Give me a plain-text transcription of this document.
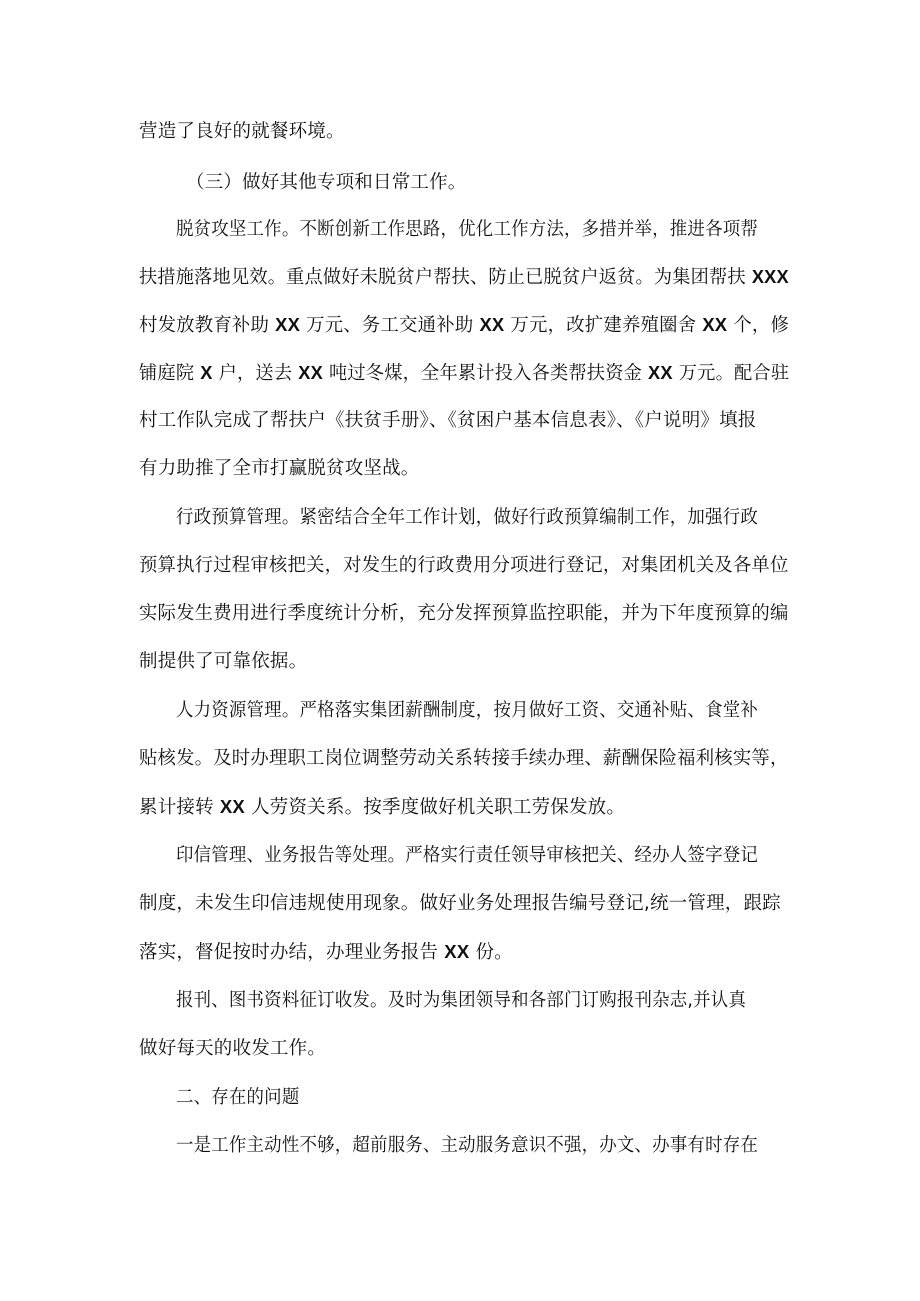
营造了良好的就餐环境。
（三）做好其他专项和日常工作。
脱贫攻坚工作。不断创新工作思路，优化工作方法，多措并举，推进各项帮
扶措施落地见效。重点做好未脱贫户帮扶、防止已脱贫户返贫。为集团帮扶 XXX
村发放教育补助 XX 万元、务工交通补助 XX 万元，改扩建养殖圈舍 XX 个，修
铺庭院 X 户，送去 XX 吨过冬煤，全年累计投入各类帮扶资金 XX 万元。配合驻
村工作队完成了帮扶户《扶贫手册》、《贫困户基本信息表》、《户说明》填报
有力助推了全市打赢脱贫攻坚战。
行政预算管理。紧密结合全年工作计划，做好行政预算编制工作，加强行政
预算执行过程审核把关，对发生的行政费用分项进行登记，对集团机关及各单位
实际发生费用进行季度统计分析，充分发挥预算监控职能，并为下年度预算的编
制提供了可靠依据。
人力资源管理。严格落实集团薪酬制度，按月做好工资、交通补贴、食堂补
贴核发。及时办理职工岗位调整劳动关系转接手续办理、薪酬保险福利核实等，
累计接转 XX 人劳资关系。按季度做好机关职工劳保发放。
印信管理、业务报告等处理。严格实行责任领导审核把关、经办人签字登记
制度，未发生印信违规使用现象。做好业务处理报告编号登记,统一管理，跟踪
落实，督促按时办结，办理业务报告 XX 份。
报刊、图书资料征订收发。及时为集团领导和各部门订购报刊杂志,并认真
做好每天的收发工作。
二、存在的问题
一是工作主动性不够，超前服务、主动服务意识不强，办文、办事有时存在
